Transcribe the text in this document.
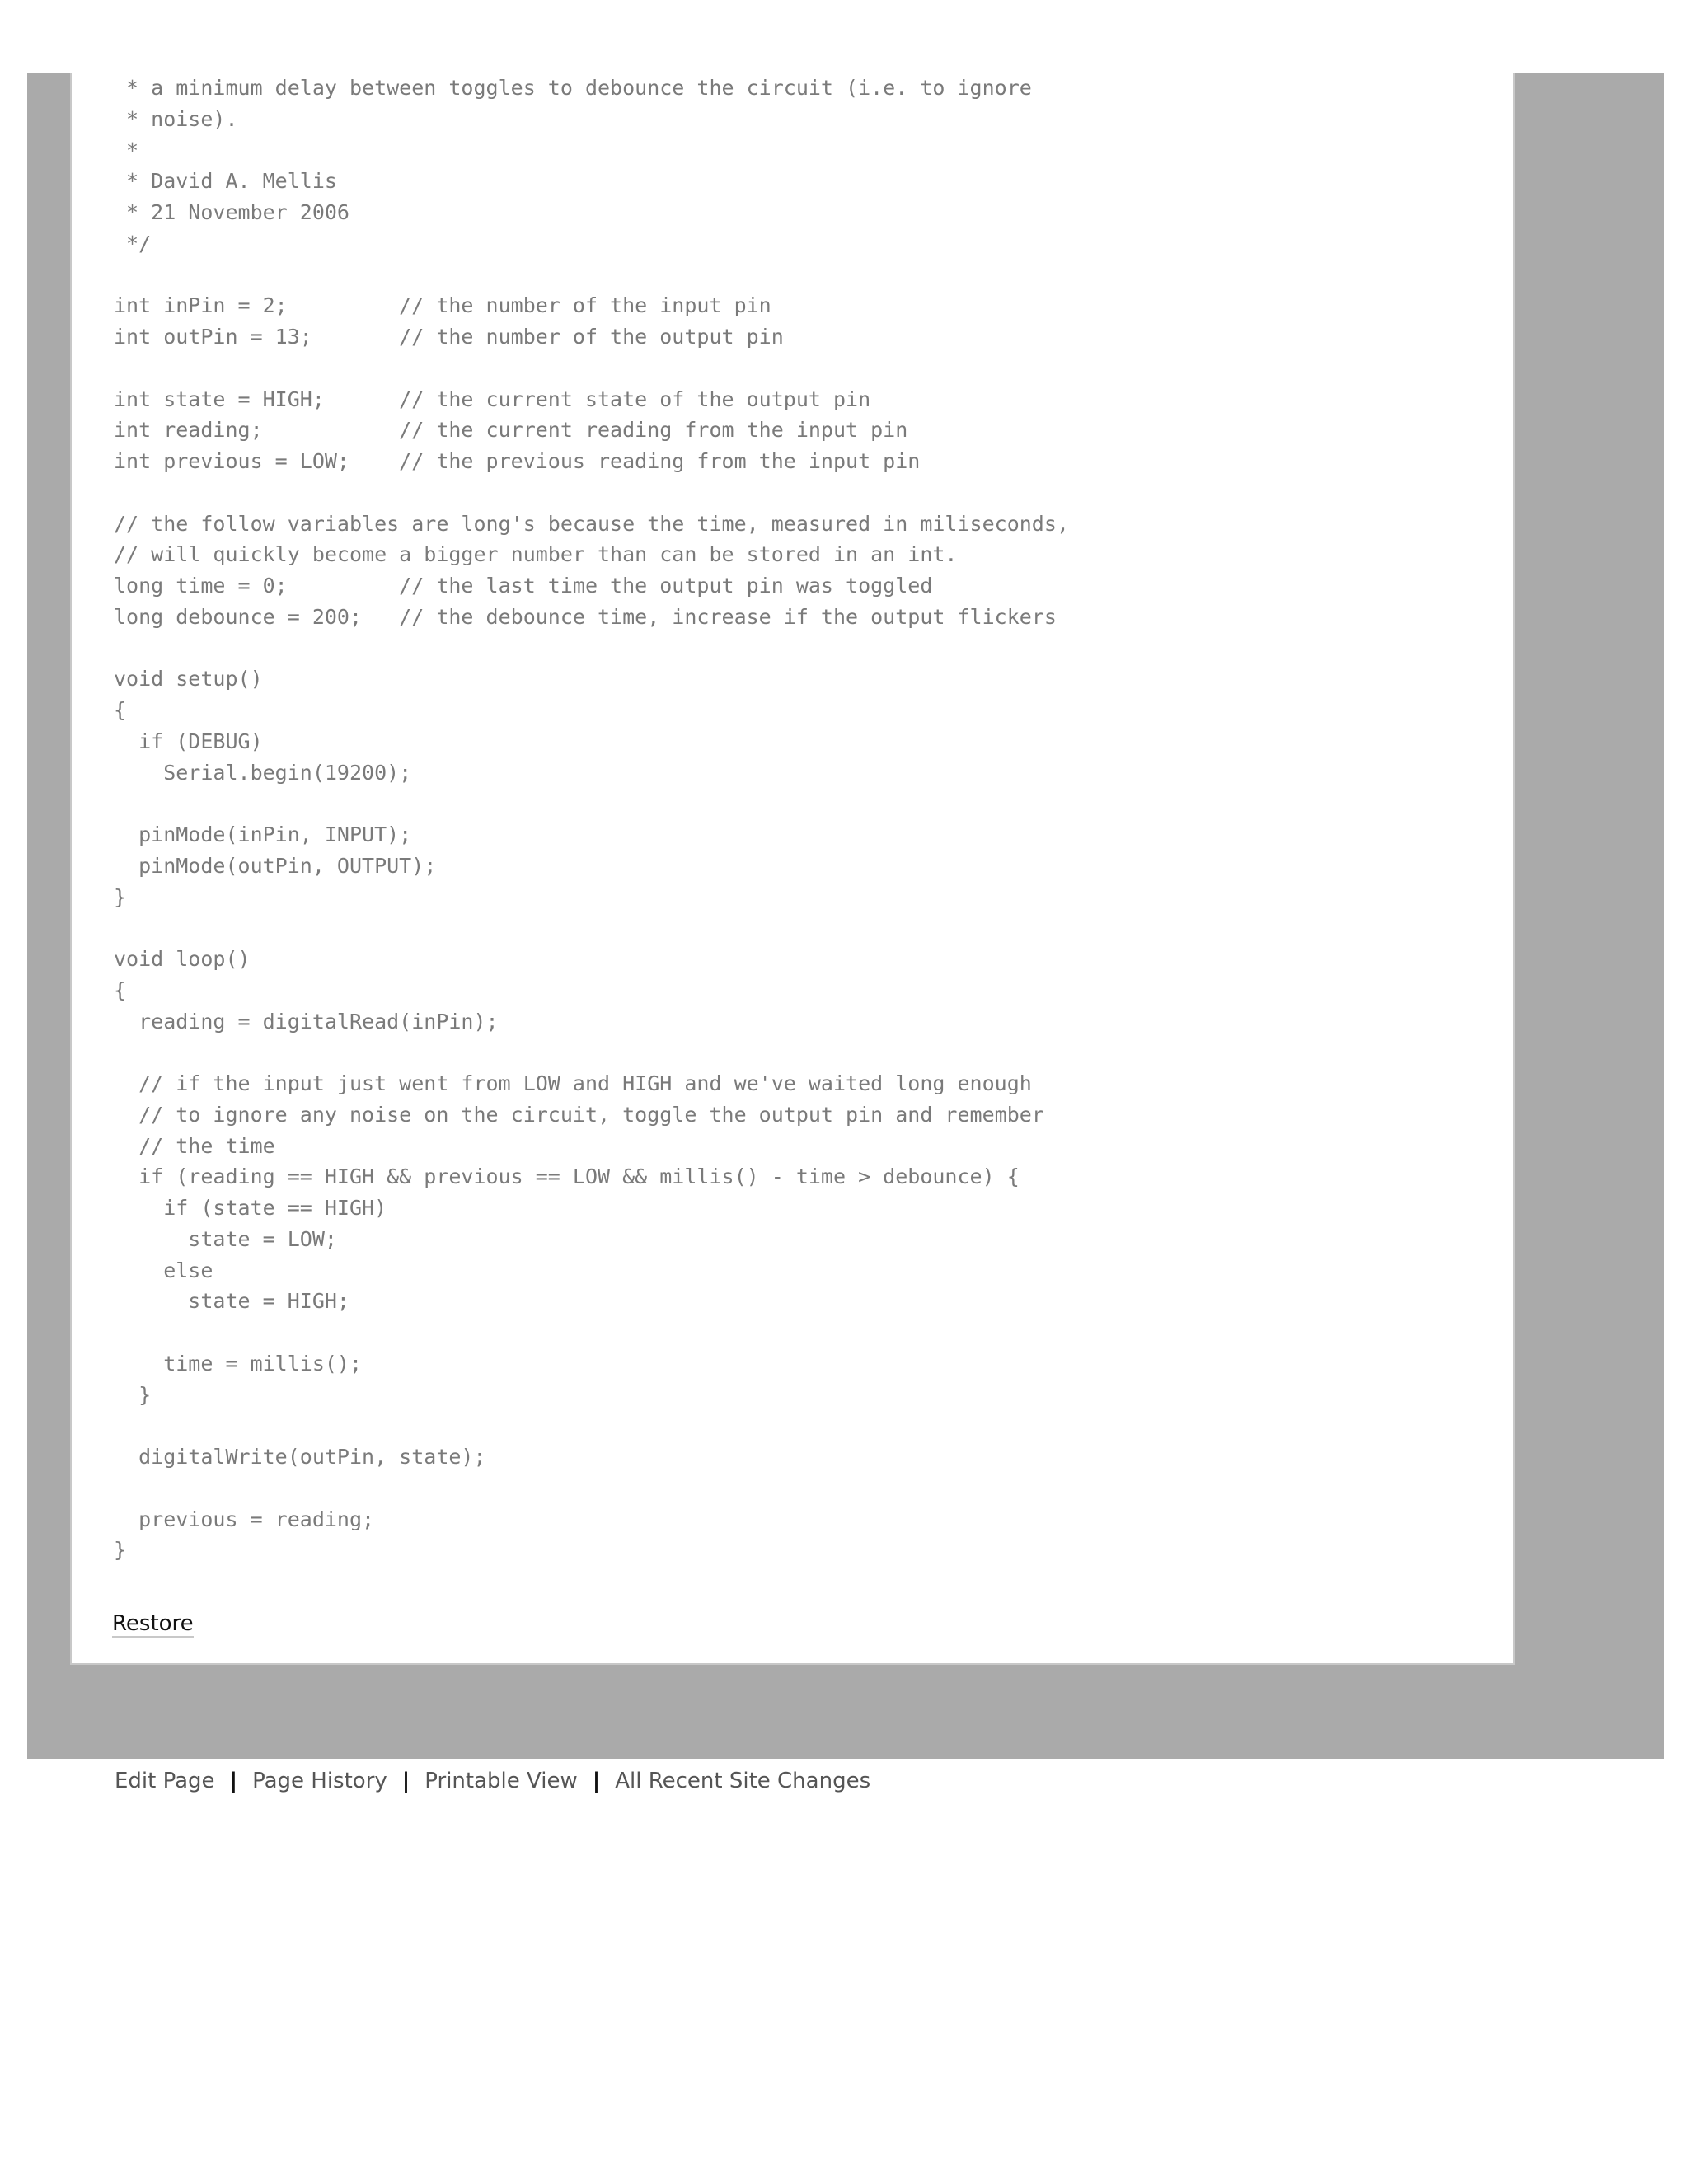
* a minimum delay between toggles to debounce the circuit (i.e. to ignore
* noise).
*
* David A. Mellis
* 21 November 2006
*/
int inPin = 2;         // the number of the input pin
int outPin = 13;       // the number of the output pin
int state = HIGH;      // the current state of the output pin
int reading;           // the current reading from the input pin
int previous = LOW;    // the previous reading from the input pin
// the follow variables are long's because the time, measured in miliseconds,
// will quickly become a bigger number than can be stored in an int.
long time = 0;         // the last time the output pin was toggled
long debounce = 200;   // the debounce time, increase if the output flickers
void setup()
{
if (DEBUG)
Serial.begin(19200);
pinMode(inPin, INPUT);
pinMode(outPin, OUTPUT);
}
void loop()
{
reading = digitalRead(inPin);
// if the input just went from LOW and HIGH and we've waited long enough
// to ignore any noise on the circuit, toggle the output pin and remember
// the time
if (reading == HIGH && previous == LOW && millis() - time > debounce) {
if (state == HIGH)
state = LOW;
else
state = HIGH;
time = millis();
}
digitalWrite(outPin, state);
previous = reading;
}
Restore
Edit Page | Page History | Printable View | All Recent Site Changes
